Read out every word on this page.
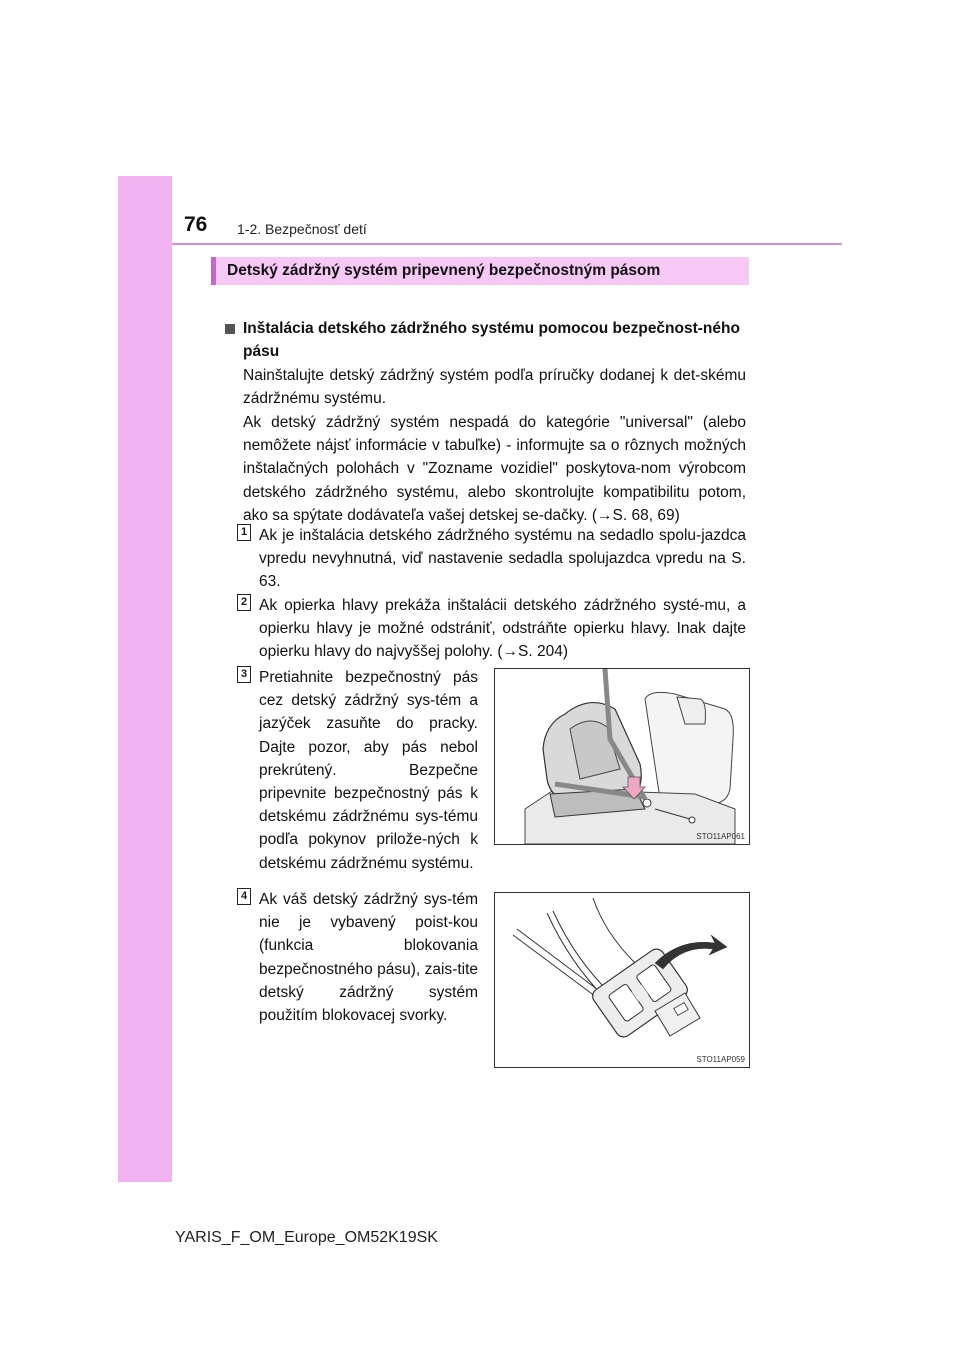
76 1-2. Bezpečnosť detí
Detský zádržný systém pripevnený bezpečnostným pásom
Inštalácia detského zádržného systému pomocou bezpečnost-ného pásu
Nainštalujte detský zádržný systém podľa príručky dodanej k det-skému zádržnému systému.
Ak detský zádržný systém nespadá do kategórie "universal" (alebo nemôžete nájsť informácie v tabuľke) - informujte sa o rôznych možných inštalačných polohách v "Zozname vozidiel" poskytova-nom výrobcom detského zádržného systému, alebo skontrolujte kompatibilitu potom, ako sa spýtate dodávateľa vašej detskej se-dačky. (→S. 68, 69)
1 Ak je inštalácia detského zádržného systému na sedadlo spolu-jazdca vpredu nevyhnutná, viď nastavenie sedadla spolujazdca vpredu na S. 63.
2 Ak opierka hlavy prekáža inštalácii detského zádržného systé-mu, a opierku hlavy je možné odstrániť, odstráňte opierku hlavy. Inak dajte opierku hlavy do najvyššej polohy. (→S. 204)
3 Pretiahnite bezpečnostný pás cez detský zádržný sys-tém a jazýček zasuňte do pracky. Dajte pozor, aby pás nebol prekrútený. Bezpečne pripevnite bezpečnostný pás k detskému zádržnému sys-tému podľa pokynov prilože-ných k detskému zádržnému systému.
STO11AP061
4 Ak váš detský zádržný sys-tém nie je vybavený poist-kou (funkcia blokovania bezpečnostného pásu), zais-tite detský zádržný systém použitím blokovacej svorky.
STO11AP059
YARIS_F_OM_Europe_OM52K19SK
